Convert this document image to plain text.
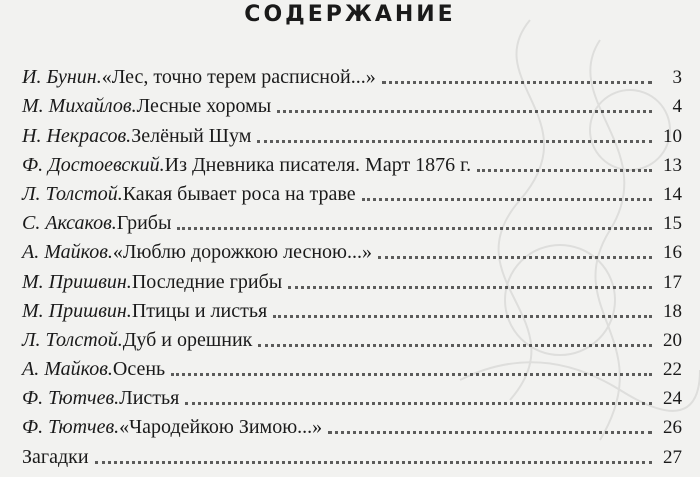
СОДЕРЖАНИЕ
И. Бунин. «Лес, точно терем расписной...»	3
М. Михайлов. Лесные хоромы	4
Н. Некрасов. Зелёный Шум	10
Ф. Достоевский. Из Дневника писателя. Март 1876 г.	13
Л. Толстой. Какая бывает роса на траве	14
С. Аксаков. Грибы	15
А. Майков. «Люблю дорожкою лесною...»	16
М. Пришвин. Последние грибы	17
М. Пришвин. Птицы и листья	18
Л. Толстой. Дуб и орешник	20
А. Майков. Осень	22
Ф. Тютчев. Листья	24
Ф. Тютчев. «Чародейкою Зимою...»	26
Загадки	27
